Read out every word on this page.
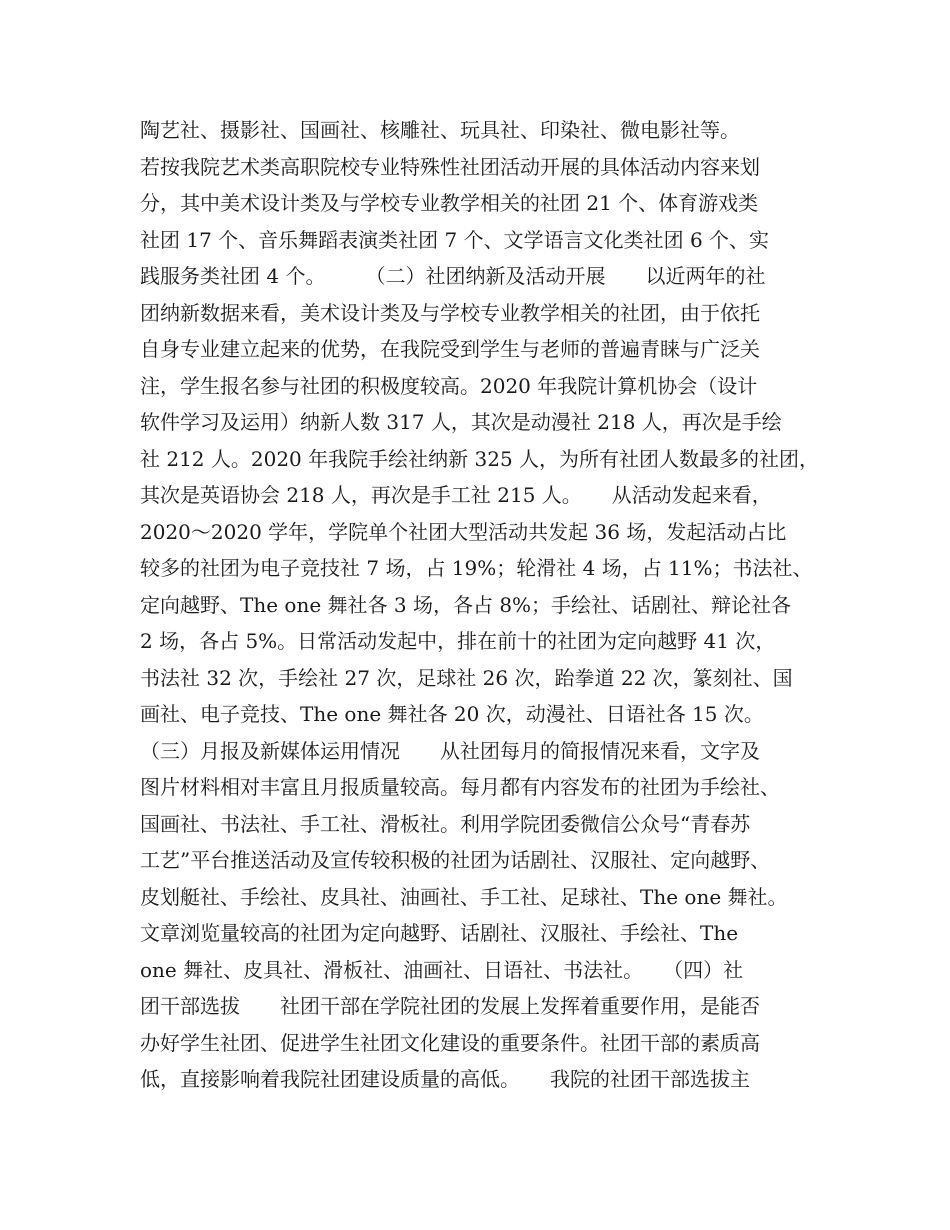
陶艺社、摄影社、国画社、核雕社、玩具社、印染社、微电影社等。
若按我院艺术类高职院校专业特殊性社团活动开展的具体活动内容来划
分，其中美术设计类及与学校专业教学相关的社团 21 个、体育游戏类
社团 17 个、音乐舞蹈表演类社团 7 个、文学语言文化类社团 6 个、实
践服务类社团 4 个。　　　（二）社团纳新及活动开展　　以近两年的社
团纳新数据来看，美术设计类及与学校专业教学相关的社团，由于依托
自身专业建立起来的优势，在我院受到学生与老师的普遍青睐与广泛关
注，学生报名参与社团的积极度较高。2020 年我院计算机协会（设计
软件学习及运用）纳新人数 317 人，其次是动漫社 218 人，再次是手绘
社 212 人。2020 年我院手绘社纳新 325 人，为所有社团人数最多的社团，
其次是英语协会 218 人，再次是手工社 215 人。　　从活动发起来看，
2020～2020 学年，学院单个社团大型活动共发起 36 场，发起活动占比
较多的社团为电子竞技社 7 场，占 19%；轮滑社 4 场，占 11%；书法社、
定向越野、The one 舞社各 3 场，各占 8%；手绘社、话剧社、辩论社各
2 场，各占 5%。日常活动发起中，排在前十的社团为定向越野 41 次，
书法社 32 次，手绘社 27 次，足球社 26 次，跆拳道 22 次，篆刻社、国
画社、电子竞技、The one 舞社各 20 次，动漫社、日语社各 15 次。
（三）月报及新媒体运用情况　　从社团每月的简报情况来看，文字及
图片材料相对丰富且月报质量较高。每月都有内容发布的社团为手绘社、
国画社、书法社、手工社、滑板社。利用学院团委微信公众号“青春苏
工艺”平台推送活动及宣传较积极的社团为话剧社、汉服社、定向越野、
皮划艇社、手绘社、皮具社、油画社、手工社、足球社、The one 舞社。
文章浏览量较高的社团为定向越野、话剧社、汉服社、手绘社、The
one 舞社、皮具社、滑板社、油画社、日语社、书法社。　　（四）社
团干部选拔　　社团干部在学院社团的发展上发挥着重要作用，是能否
办好学生社团、促进学生社团文化建设的重要条件。社团干部的素质高
低，直接影响着我院社团建设质量的高低。　　我院的社团干部选拔主
